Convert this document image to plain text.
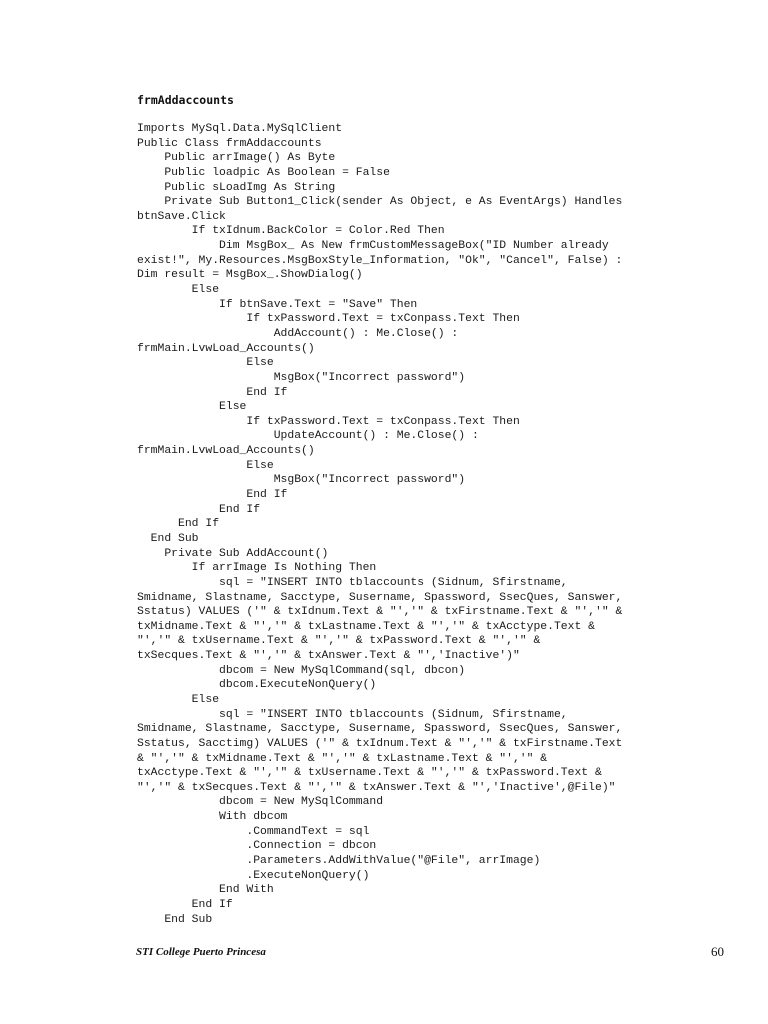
frmAddaccounts
Imports MySql.Data.MySqlClient
Public Class frmAddaccounts
Public arrImage() As Byte
Public loadpic As Boolean = False
Public sLoadImg As String
Private Sub Button1_Click(sender As Object, e As EventArgs) Handles
btnSave.Click
If txIdnum.BackColor = Color.Red Then
Dim MsgBox_ As New frmCustomMessageBox("ID Number already
exist!", My.Resources.MsgBoxStyle_Information, "Ok", "Cancel", False) :
Dim result = MsgBox_.ShowDialog()
Else
If btnSave.Text = "Save" Then
If txPassword.Text = txConpass.Text Then
AddAccount() : Me.Close() :
frmMain.LvwLoad_Accounts()
Else
MsgBox("Incorrect password")
End If
Else
If txPassword.Text = txConpass.Text Then
UpdateAccount() : Me.Close() :
frmMain.LvwLoad_Accounts()
Else
MsgBox("Incorrect password")
End If
End If
End If
End Sub
Private Sub AddAccount()
If arrImage Is Nothing Then
sql = "INSERT INTO tblaccounts (Sidnum, Sfirstname,
Smidname, Slastname, Sacctype, Susername, Spassword, SsecQues, Sanswer,
Sstatus) VALUES ('" & txIdnum.Text & "','" & txFirstname.Text & "','" &
txMidname.Text & "','" & txLastname.Text & "','" & txAcctype.Text &
"','" & txUsername.Text & "','" & txPassword.Text & "','" &
txSecques.Text & "','" & txAnswer.Text & "','Inactive')"
dbcom = New MySqlCommand(sql, dbcon)
dbcom.ExecuteNonQuery()
Else
sql = "INSERT INTO tblaccounts (Sidnum, Sfirstname,
Smidname, Slastname, Sacctype, Susername, Spassword, SsecQues, Sanswer,
Sstatus, Sacctimg) VALUES ('" & txIdnum.Text & "','" & txFirstname.Text
& "','" & txMidname.Text & "','" & txLastname.Text & "','" &
txAcctype.Text & "','" & txUsername.Text & "','" & txPassword.Text &
"','" & txSecques.Text & "','" & txAnswer.Text & "','Inactive',@File)"
dbcom = New MySqlCommand
With dbcom
.CommandText = sql
.Connection = dbcon
.Parameters.AddWithValue("@File", arrImage)
.ExecuteNonQuery()
End With
End If
End Sub
STI College Puerto Princesa	60
